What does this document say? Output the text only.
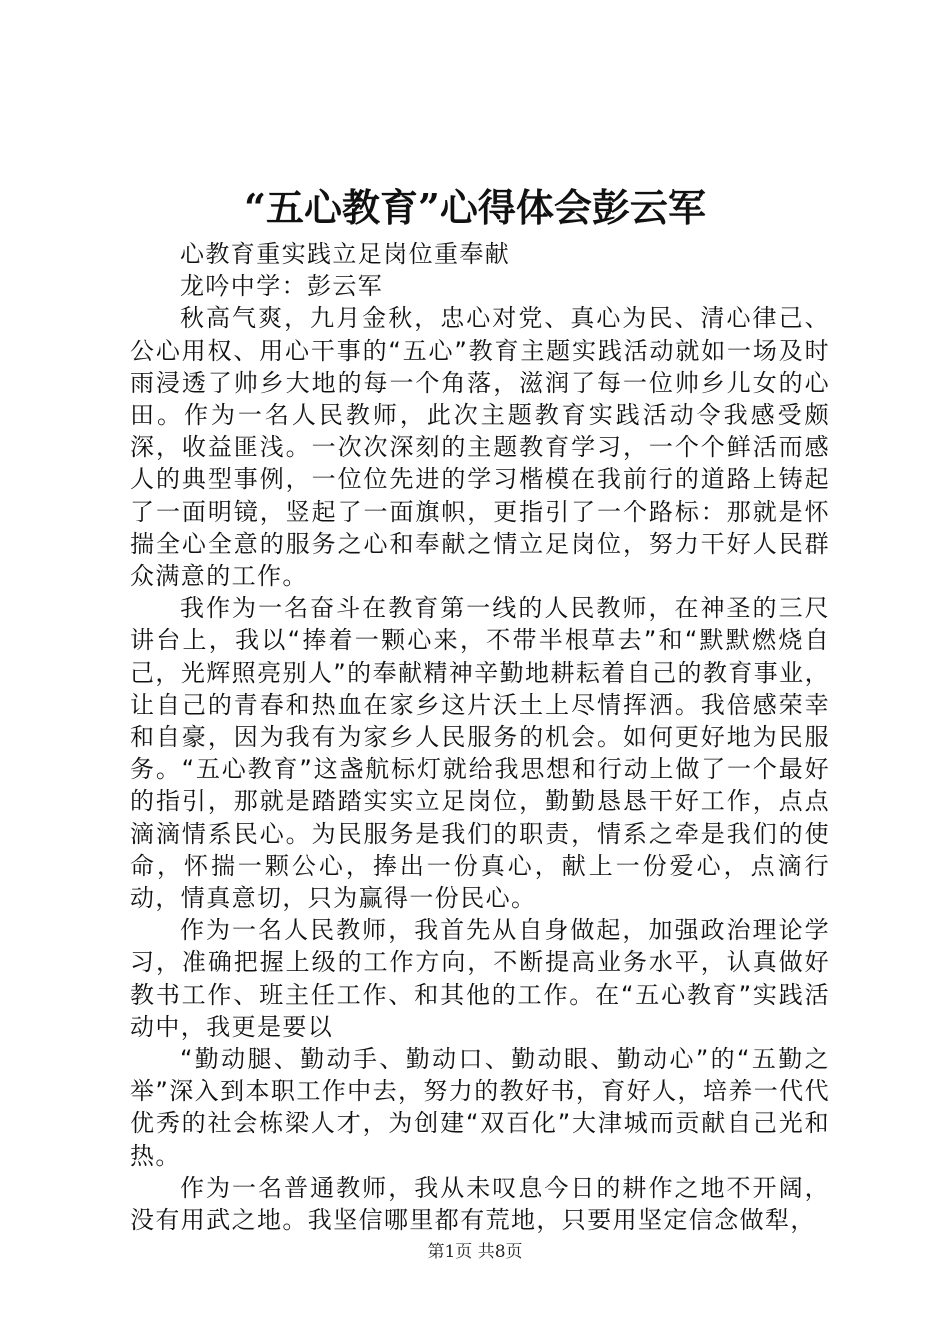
“五心教育”心得体会彭云军

心教育重实践立足岗位重奉献

龙吟中学：彭云军

秋高气爽，九月金秋，忠心对党、真心为民、清心律己、公心用权、用心干事的“五心”教育主题实践活动就如一场及时雨浸透了帅乡大地的每一个角落，滋润了每一位帅乡儿女的心田。作为一名人民教师，此次主题教育实践活动令我感受颇深，收益匪浅。一次次深刻的主题教育学习，一个个鲜活而感人的典型事例，一位位先进的学习楷模在我前行的道路上铸起了一面明镜，竖起了一面旗帜，更指引了一个路标：那就是怀揣全心全意的服务之心和奉献之情立足岗位，努力干好人民群众满意的工作。

我作为一名奋斗在教育第一线的人民教师，在神圣的三尺讲台上，我以“捧着一颗心来，不带半根草去”和“默默燃烧自己，光辉照亮别人”的奉献精神辛勤地耕耘着自己的教育事业，让自己的青春和热血在家乡这片沃土上尽情挥洒。我倍感荣幸和自豪，因为我有为家乡人民服务的机会。如何更好地为民服务。“五心教育”这盏航标灯就给我思想和行动上做了一个最好的指引，那就是踏踏实实立足岗位，勤勤恳恳干好工作，点点滴滴情系民心。为民服务是我们的职责，情系之牵是我们的使命，怀揣一颗公心，捧出一份真心，献上一份爱心，点滴行动，情真意切，只为赢得一份民心。

作为一名人民教师，我首先从自身做起，加强政治理论学习，准确把握上级的工作方向，不断提高业务水平，认真做好教书工作、班主任工作、和其他的工作。在“五心教育”实践活动中，我更是要以

“勤动腿、勤动手、勤动口、勤动眼、勤动心”的“五勤之举”深入到本职工作中去，努力的教好书，育好人，培养一代代优秀的社会栋梁人才，为创建“双百化”大津城而贡献自己光和热。

作为一名普通教师，我从未叹息今日的耕作之地不开阔，没有用武之地。我坚信哪里都有荒地，只要用坚定信念做犁，

第1页 共8页
